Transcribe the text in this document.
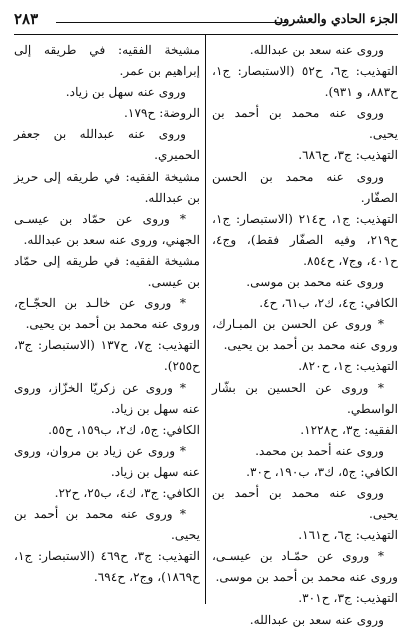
٢٨٣	الجزء الحادي والعشرون

وروى عنه سعد بن عبدالله.

التهذيب: ج٦، ح٥٢ (الاستبصار: ج١، ح٨٨٣، و ٩٣١).

وروى عنه محمد بن أحمد بن يحيى.

التهذيب: ج٣، ح٦٨٦.

وروى عنه محمد بن الحسن الصفّار.

التهذيب: ج١، ح٢١٤ (الاستبصار: ج١، ح٢١٩، وفيه الصفّار فقط)، وج٤، ح٤٠١، وج٧، ح٨٥٤.

وروى عنه محمد بن موسى.

الكافي: ج٤، ك٢، ب٦١، ح٤.

* وروى عن الحسن بن المبـارك، وروى عنه محمد بن أحمد بن يحيى.

التهذيب: ج١، ح٨٢٠.

* وروى عن الحسين بن بشّار الواسطي.

الفقيه: ج٣، ح١٢٢٨.

وروى عنه أحمد بن محمد.

الكافي: ج٥، ك٣، ب١٩٠، ح٣٠.

وروى عنه محمد بن أحمد بن يحيى.

التهذيب: ج٦، ح١٦١.

* وروى عن حمّـاد بن عيسـى، وروى عنه محمد بن أحمد بن موسى.

التهذيب: ج٣، ح٣٠١.

وروى عنه سعد بن عبدالله.

مشيخة الفقيه: في طريقه إلى إبراهيم بن عمر.

وروى عنه سهل بن زياد.

الروضة: ح١٧٩.

وروى عنه عبدالله بن جعفر الحميري.

مشيخة الفقيه: في طريقه إلى حريز بن عبدالله.

* وروى عن حمّاد بن عيسـى الجهني، وروى عنه سعد بن عبدالله.

مشيخة الفقيه: في طريقه إلى حمّاد بن عيسى.

* وروى عن خالـد بن الحجّـاج، وروى عنه محمد بن أحمد بن يحيى.

التهذيب: ج٧، ح١٣٧ (الاستبصار: ج٣، ح٢٥٥).

* وروى عن زكريّا الخزّاز، وروى عنه سهل بن زياد.

الكافي: ج٥، ك٢، ب١٥٩، ح٥٥.

* وروى عن زياد بن مروان، وروى عنه سهل بن زياد.

الكافي: ج٣، ك٤، ب٢٥، ح٢٢.

* وروى عنه محمد بن أحمد بن يحيى.

التهذيب: ج٣، ح٤٦٩ (الاستبصار: ج١، ح١٨٦٩)، وج٢، ح٦٩٤.
